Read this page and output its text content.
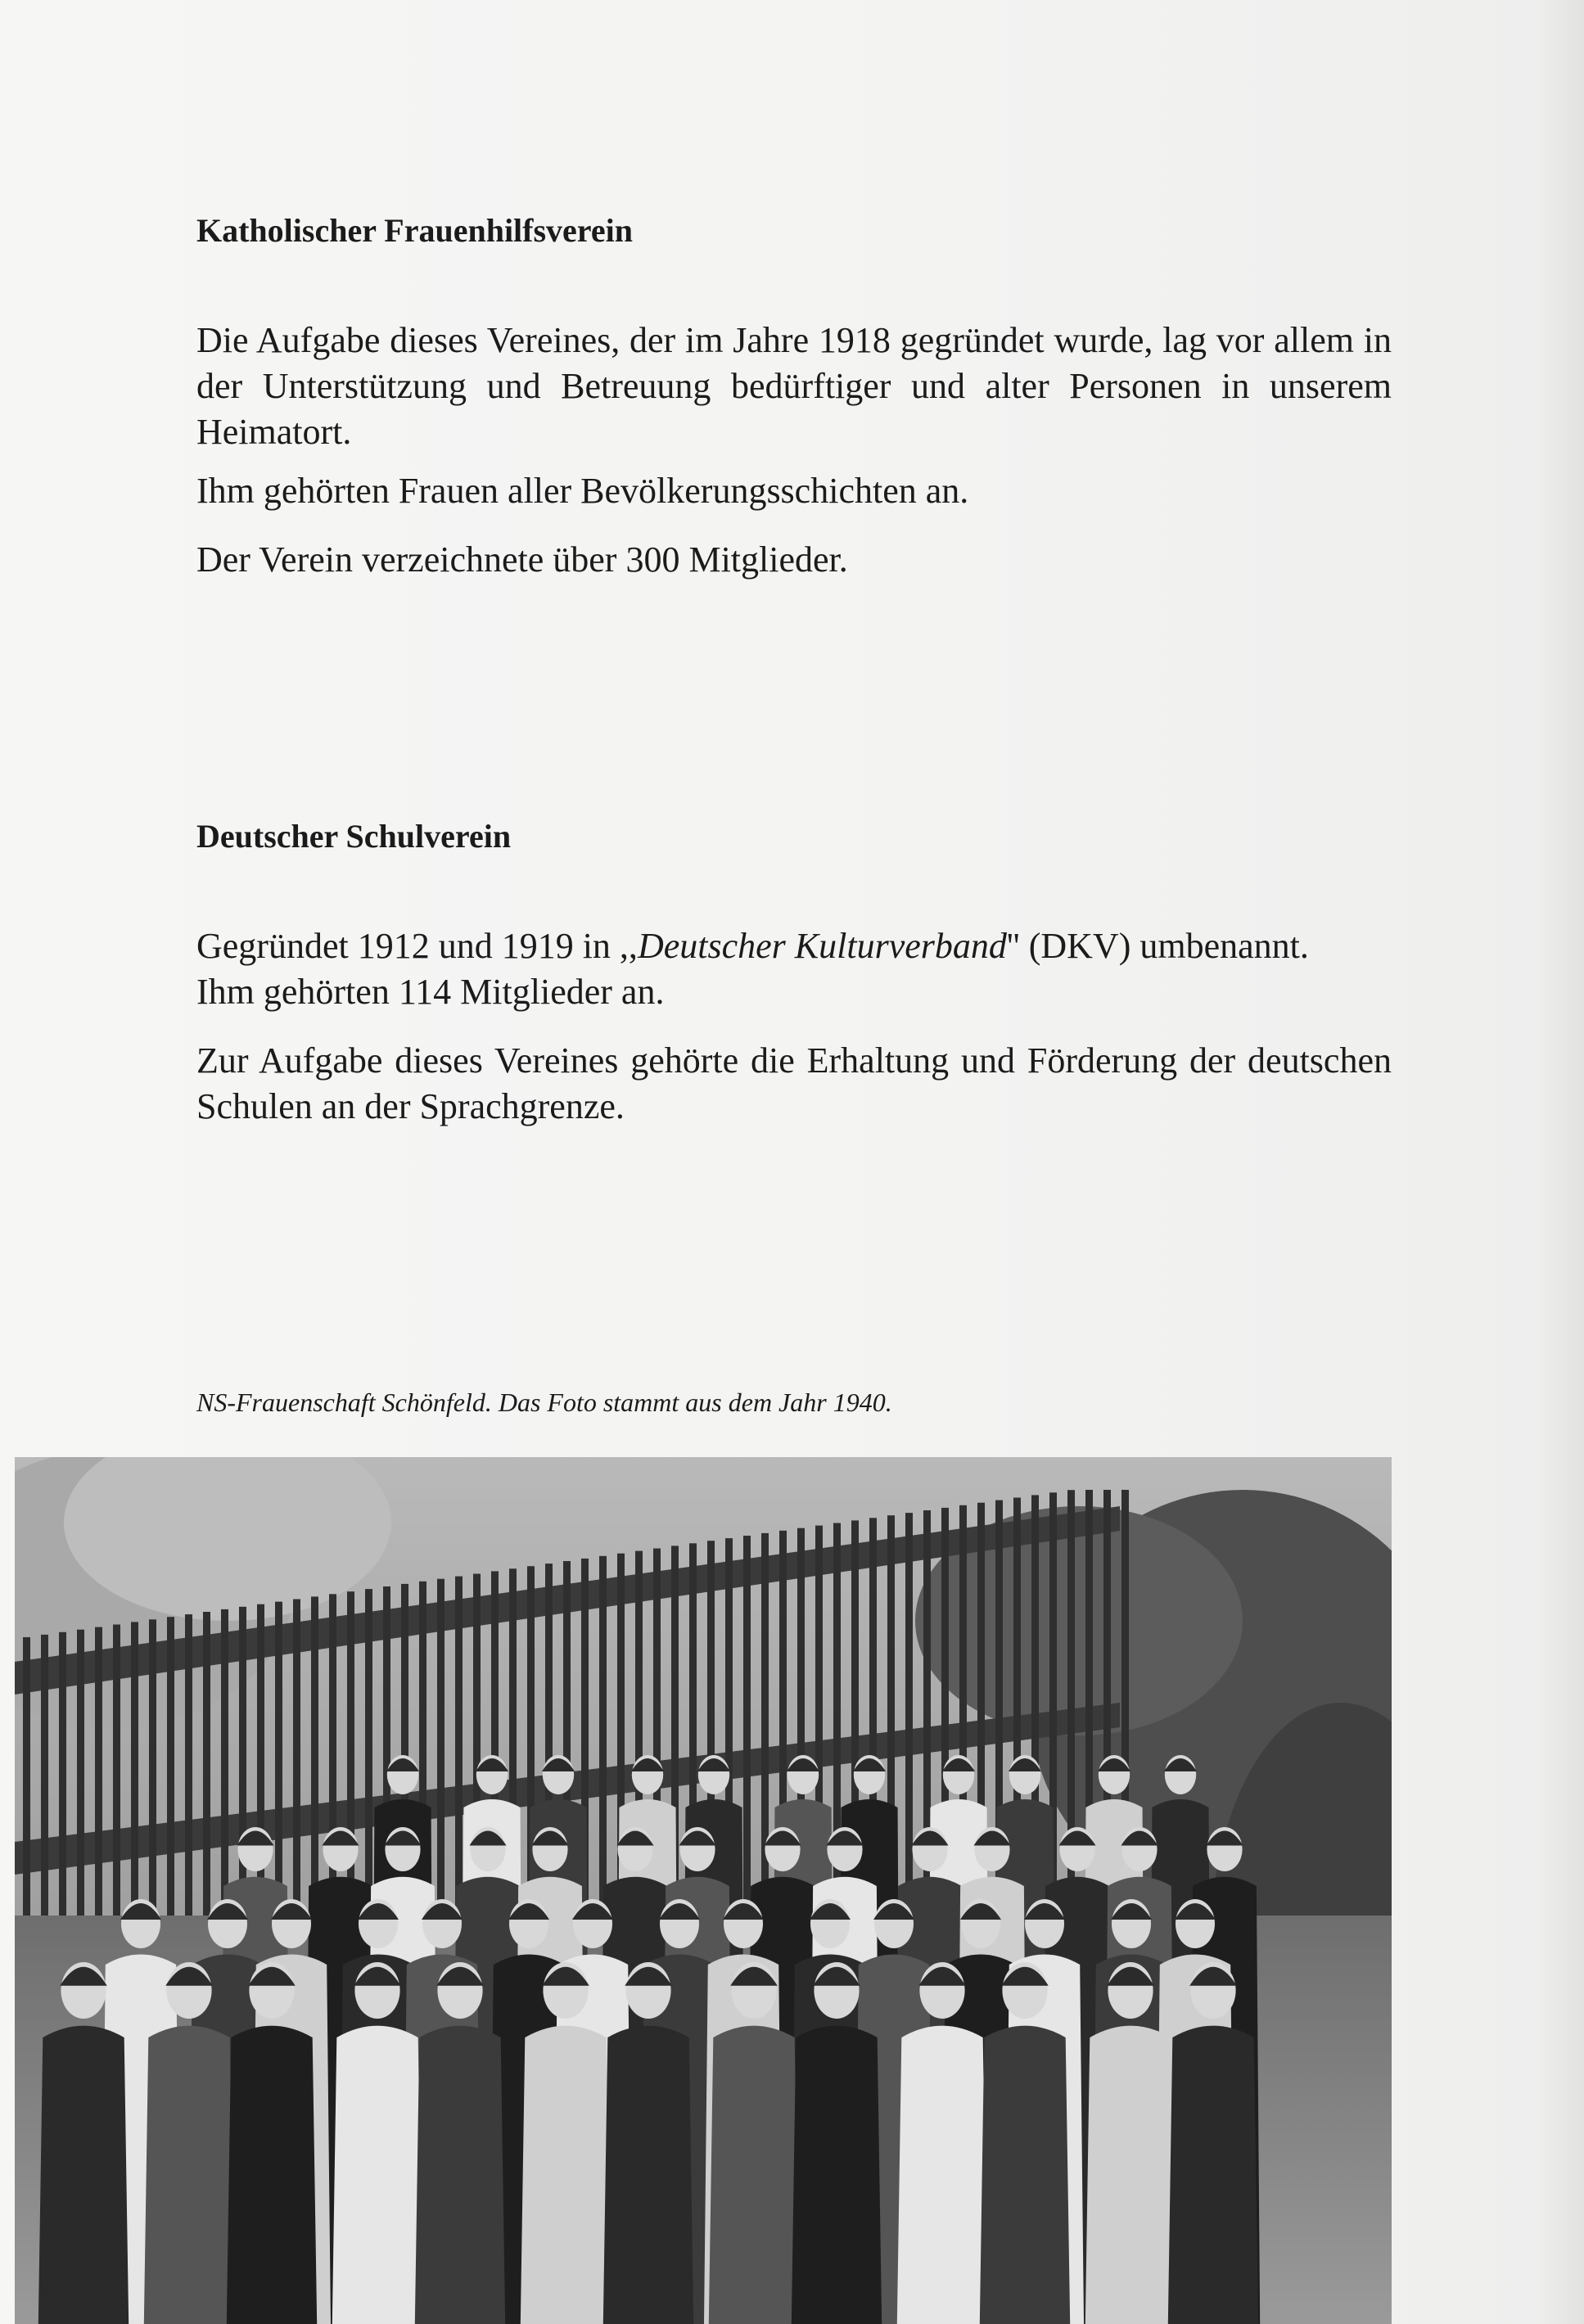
Katholischer Frauenhilfsverein

Die Aufgabe dieses Vereines, der im Jahre 1918 gegründet wurde, lag vor allem in der Unterstützung und Betreuung bedürftiger und alter Personen in unserem Heimatort.

Ihm gehörten Frauen aller Bevölkerungsschichten an.

Der Verein verzeichnete über 300 Mitglieder.

Deutscher Schulverein

Gegründet 1912 und 1919 in ,,Deutscher Kulturverband'' (DKV) umbenannt.

Ihm gehörten 114 Mitglieder an.

Zur Aufgabe dieses Vereines gehörte die Erhaltung und Förderung der deutschen Schulen an der Sprachgrenze.

NS-Frauenschaft Schönfeld. Das Foto stammt aus dem Jahr 1940.
